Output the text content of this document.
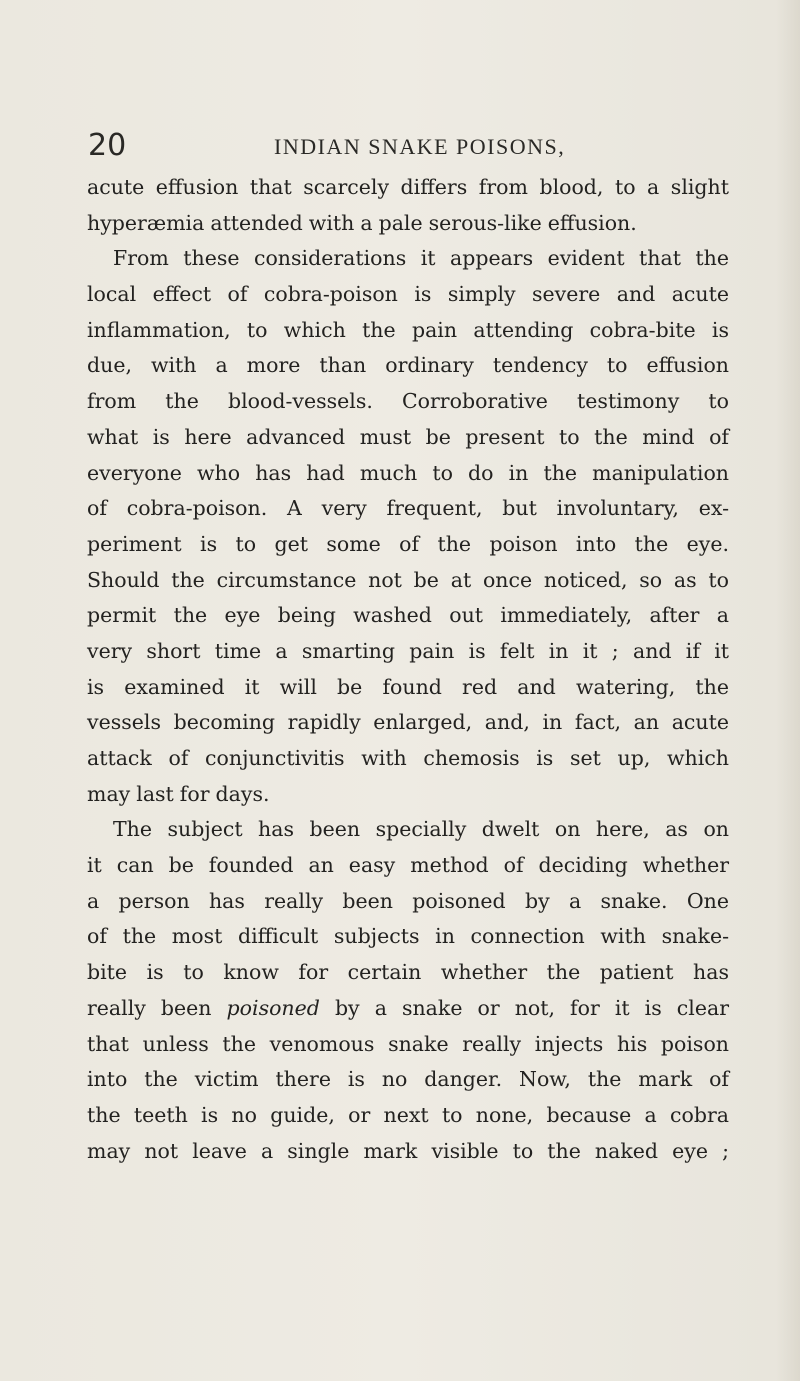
20	INDIAN SNAKE POISONS,
acute effusion that scarcely differs from blood, to a slight
hyperæmia attended with a pale serous-like effusion.
From these considerations it appears evident that the
local effect of cobra-poison is simply severe and acute
inflammation, to which the pain attending cobra-bite is
due, with a more than ordinary tendency to effusion
from the blood-vessels. Corroborative testimony to
what is here advanced must be present to the mind of
everyone who has had much to do in the manipulation
of cobra-poison. A very frequent, but involuntary, ex-
periment is to get some of the poison into the eye.
Should the circumstance not be at once noticed, so as to
permit the eye being washed out immediately, after a
very short time a smarting pain is felt in it ; and if it
is examined it will be found red and watering, the
vessels becoming rapidly enlarged, and, in fact, an acute
attack of conjunctivitis with chemosis is set up, which
may last for days.
The subject has been specially dwelt on here, as on
it can be founded an easy method of deciding whether
a person has really been poisoned by a snake. One
of the most difficult subjects in connection with snake-
bite is to know for certain whether the patient has
really been poisoned by a snake or not, for it is clear
that unless the venomous snake really injects his poison
into the victim there is no danger. Now, the mark of
the teeth is no guide, or next to none, because a cobra
may not leave a single mark visible to the naked eye ;
